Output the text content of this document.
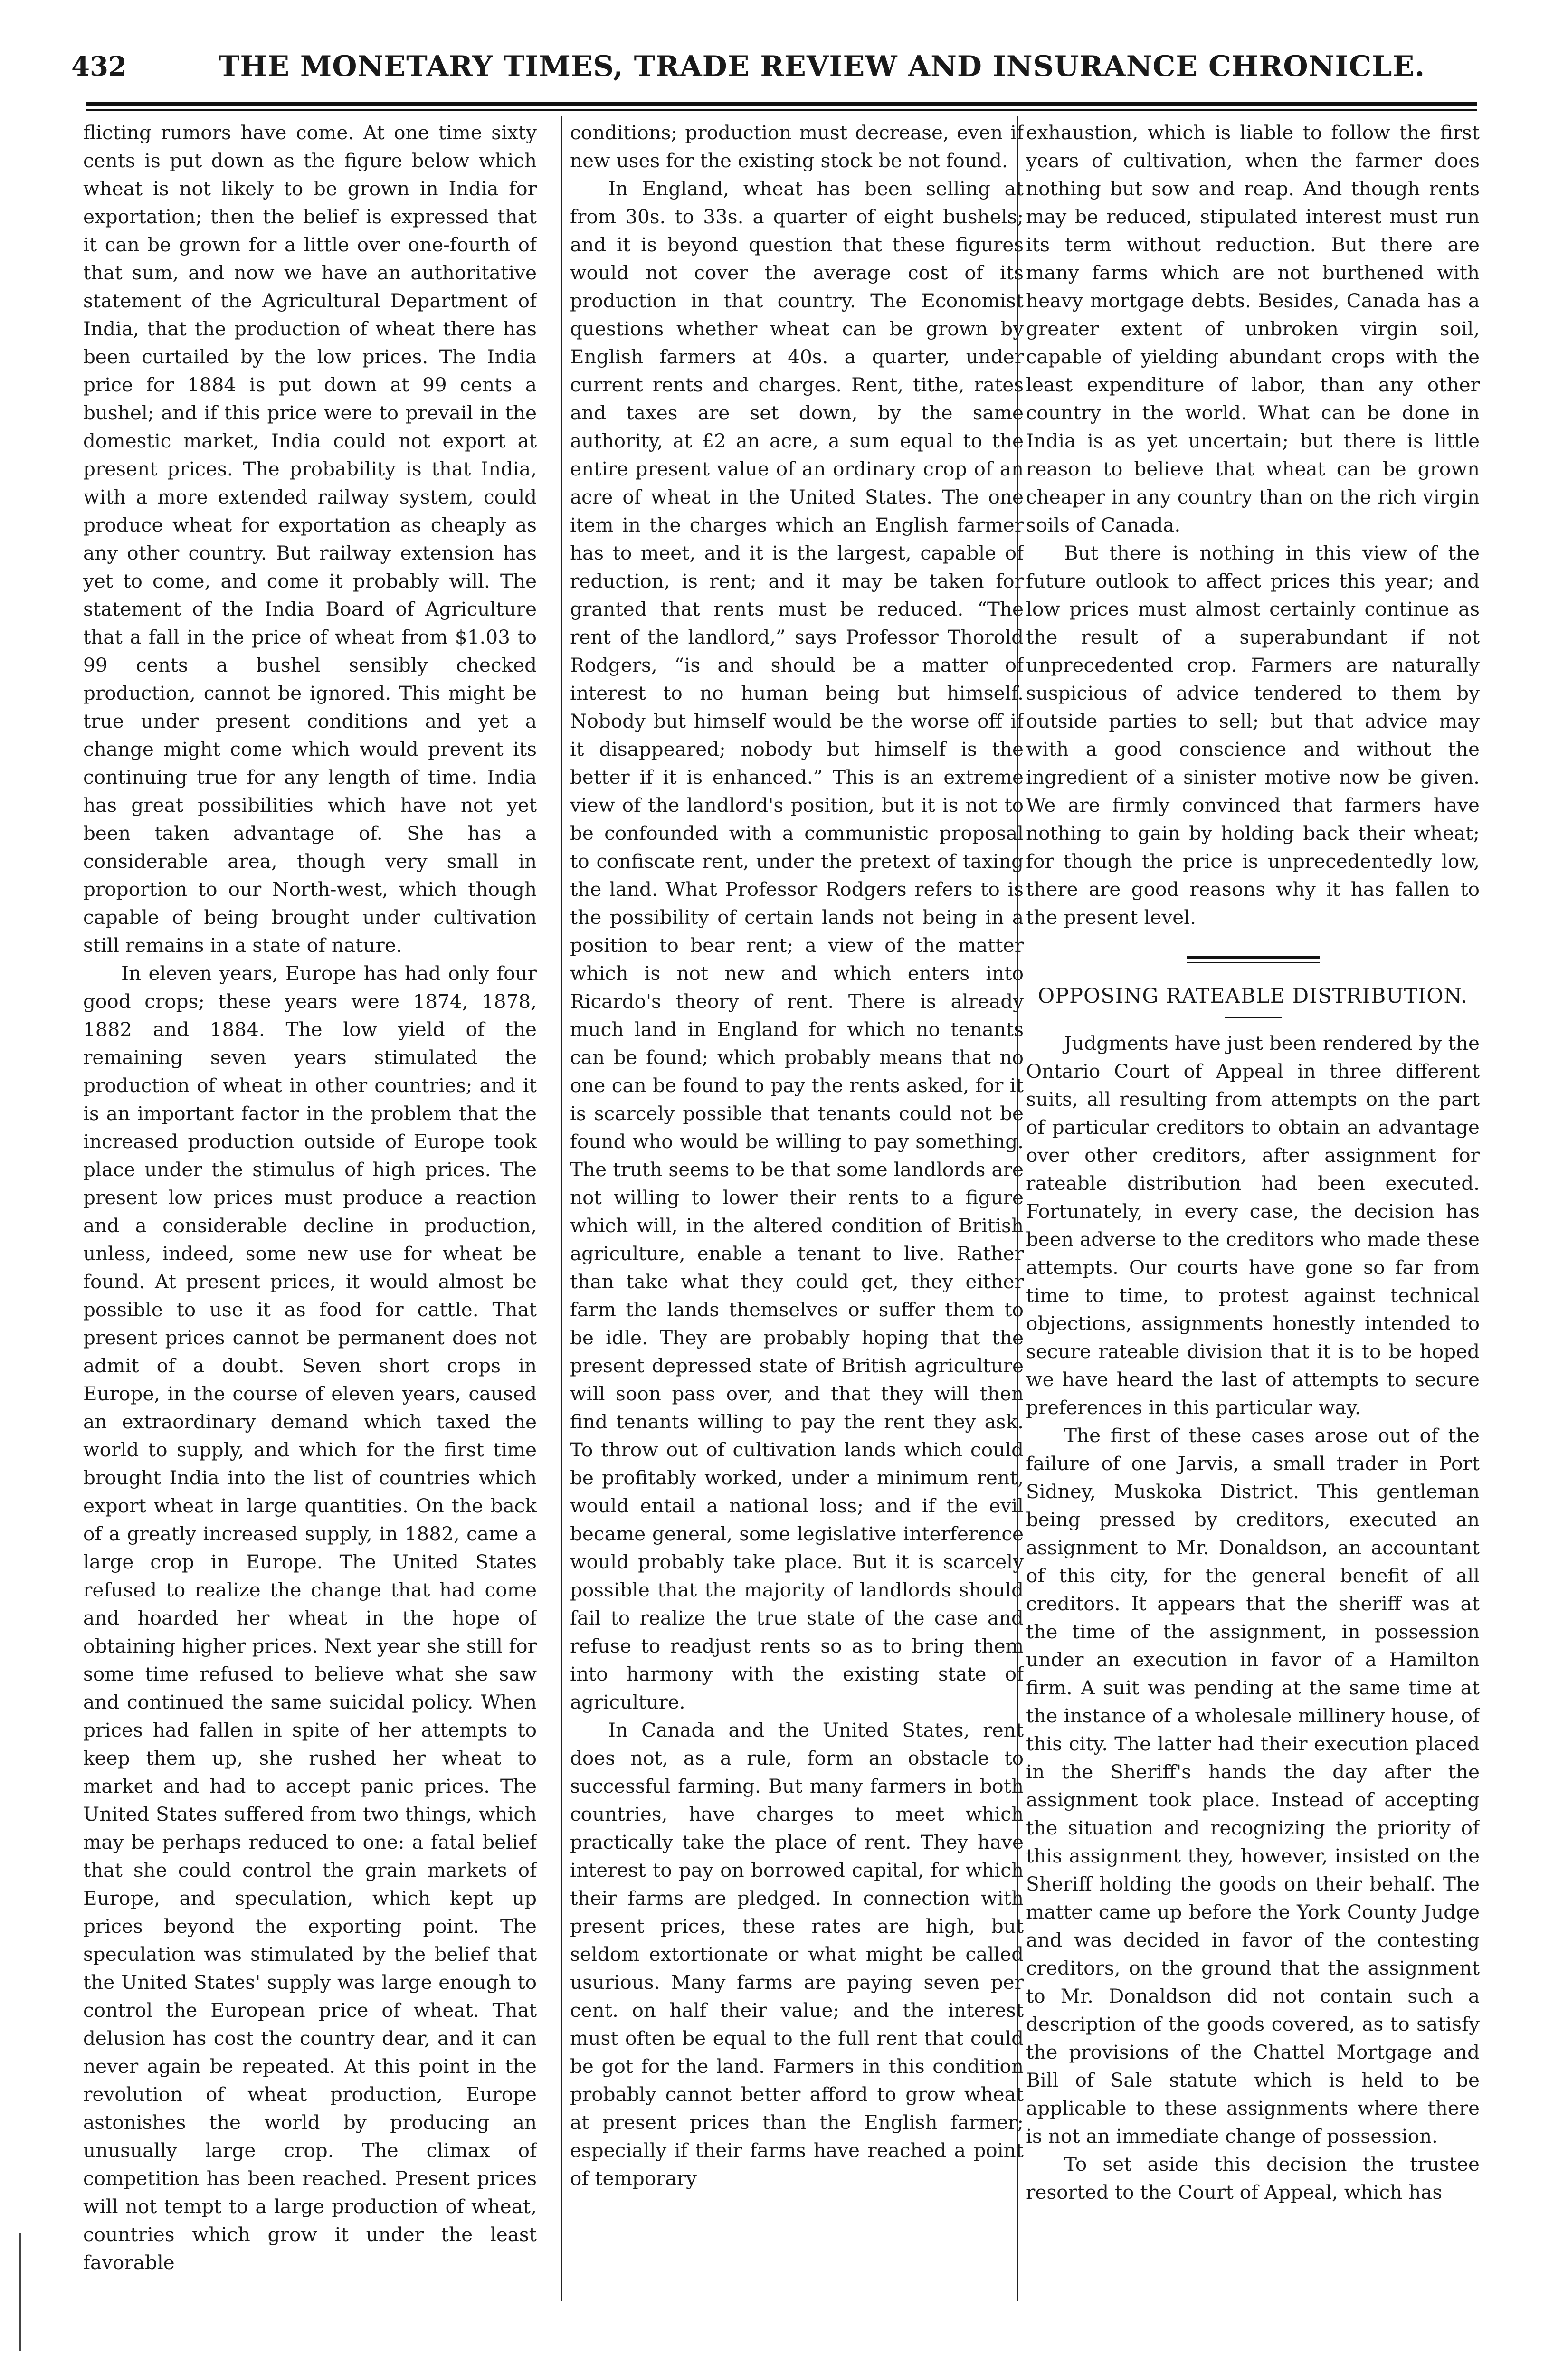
432	THE MONETARY TIMES, TRADE REVIEW AND INSURANCE CHRONICLE.

flicting rumors have come. At one time sixty cents is put down as the figure below which wheat is not likely to be grown in India for exportation; then the belief is expressed that it can be grown for a little over one-fourth of that sum, and now we have an authoritative statement of the Agricultural Department of India, that the production of wheat there has been curtailed by the low prices. The India price for 1884 is put down at 99 cents a bushel; and if this price were to prevail in the domestic market, India could not export at present prices. The probability is that India, with a more extended railway system, could produce wheat for exportation as cheaply as any other country. But railway extension has yet to come, and come it probably will. The statement of the India Board of Agriculture that a fall in the price of wheat from $1.03 to 99 cents a bushel sensibly checked production, cannot be ignored. This might be true under present conditions and yet a change might come which would prevent its continuing true for any length of time. India has great possibilities which have not yet been taken advantage of. She has a considerable area, though very small in proportion to our North-west, which though capable of being brought under cultivation still remains in a state of nature.

In eleven years, Europe has had only four good crops; these years were 1874, 1878, 1882 and 1884. The low yield of the remaining seven years stimulated the production of wheat in other countries; and it is an important factor in the problem that the increased production outside of Europe took place under the stimulus of high prices. The present low prices must produce a reaction and a considerable decline in production, unless, indeed, some new use for wheat be found. At present prices, it would almost be possible to use it as food for cattle. That present prices cannot be permanent does not admit of a doubt. Seven short crops in Europe, in the course of eleven years, caused an extraordinary demand which taxed the world to supply, and which for the first time brought India into the list of countries which export wheat in large quantities. On the back of a greatly increased supply, in 1882, came a large crop in Europe. The United States refused to realize the change that had come and hoarded her wheat in the hope of obtaining higher prices. Next year she still for some time refused to believe what she saw and continued the same suicidal policy. When prices had fallen in spite of her attempts to keep them up, she rushed her wheat to market and had to accept panic prices. The United States suffered from two things, which may be perhaps reduced to one: a fatal belief that she could control the grain markets of Europe, and speculation, which kept up prices beyond the exporting point. The speculation was stimulated by the belief that the United States' supply was large enough to control the European price of wheat. That delusion has cost the country dear, and it can never again be repeated. At this point in the revolution of wheat production, Europe astonishes the world by producing an unusually large crop. The climax of competition has been reached. Present prices will not tempt to a large production of wheat, countries which grow it under the least favorable

conditions; production must decrease, even if new uses for the existing stock be not found.

In England, wheat has been selling at from 30s. to 33s. a quarter of eight bushels; and it is beyond question that these figures would not cover the average cost of its production in that country. The Economist questions whether wheat can be grown by English farmers at 40s. a quarter, under current rents and charges. Rent, tithe, rates and taxes are set down, by the same authority, at £2 an acre, a sum equal to the entire present value of an ordinary crop of an acre of wheat in the United States. The one item in the charges which an English farmer has to meet, and it is the largest, capable of reduction, is rent; and it may be taken for granted that rents must be reduced. “The rent of the landlord,” says Professor Thorold Rodgers, “is and should be a matter of interest to no human being but himself. Nobody but himself would be the worse off if it disappeared; nobody but himself is the better if it is enhanced.” This is an extreme view of the landlord's position, but it is not to be confounded with a communistic proposal to confiscate rent, under the pretext of taxing the land. What Professor Rodgers refers to is the possibility of certain lands not being in a position to bear rent; a view of the matter which is not new and which enters into Ricardo's theory of rent. There is already much land in England for which no tenants can be found; which probably means that no one can be found to pay the rents asked, for it is scarcely possible that tenants could not be found who would be willing to pay something. The truth seems to be that some landlords are not willing to lower their rents to a figure which will, in the altered condition of British agriculture, enable a tenant to live. Rather than take what they could get, they either farm the lands themselves or suffer them to be idle. They are probably hoping that the present depressed state of British agriculture will soon pass over, and that they will then find tenants willing to pay the rent they ask. To throw out of cultivation lands which could be profitably worked, under a minimum rent, would entail a national loss; and if the evil became general, some legislative interference would probably take place. But it is scarcely possible that the majority of landlords should fail to realize the true state of the case and refuse to readjust rents so as to bring them into harmony with the existing state of agriculture.

In Canada and the United States, rent does not, as a rule, form an obstacle to successful farming. But many farmers in both countries, have charges to meet which practically take the place of rent. They have interest to pay on borrowed capital, for which their farms are pledged. In connection with present prices, these rates are high, but seldom extortionate or what might be called usurious. Many farms are paying seven per cent. on half their value; and the interest must often be equal to the full rent that could be got for the land. Farmers in this condition probably cannot better afford to grow wheat at present prices than the English farmer; especially if their farms have reached a point of temporary

exhaustion, which is liable to follow the first years of cultivation, when the farmer does nothing but sow and reap. And though rents may be reduced, stipulated interest must run its term without reduction. But there are many farms which are not burthened with heavy mortgage debts. Besides, Canada has a greater extent of unbroken virgin soil, capable of yielding abundant crops with the least expenditure of labor, than any other country in the world. What can be done in India is as yet uncertain; but there is little reason to believe that wheat can be grown cheaper in any country than on the rich virgin soils of Canada.

But there is nothing in this view of the future outlook to affect prices this year; and low prices must almost certainly continue as the result of a superabundant if not unprecedented crop. Farmers are naturally suspicious of advice tendered to them by outside parties to sell; but that advice may with a good conscience and without the ingredient of a sinister motive now be given. We are firmly convinced that farmers have nothing to gain by holding back their wheat; for though the price is unprecedentedly low, there are good reasons why it has fallen to the present level.

OPPOSING RATEABLE DISTRIBUTION.

Judgments have just been rendered by the Ontario Court of Appeal in three different suits, all resulting from attempts on the part of particular creditors to obtain an advantage over other creditors, after assignment for rateable distribution had been executed. Fortunately, in every case, the decision has been adverse to the creditors who made these attempts. Our courts have gone so far from time to time, to protest against technical objections, assignments honestly intended to secure rateable division that it is to be hoped we have heard the last of attempts to secure preferences in this particular way.

The first of these cases arose out of the failure of one Jarvis, a small trader in Port Sidney, Muskoka District. This gentleman being pressed by creditors, executed an assignment to Mr. Donaldson, an accountant of this city, for the general benefit of all creditors. It appears that the sheriff was at the time of the assignment, in possession under an execution in favor of a Hamilton firm. A suit was pending at the same time at the instance of a wholesale millinery house, of this city. The latter had their execution placed in the Sheriff's hands the day after the assignment took place. Instead of accepting the situation and recognizing the priority of this assignment they, however, insisted on the Sheriff holding the goods on their behalf. The matter came up before the York County Judge and was decided in favor of the contesting creditors, on the ground that the assignment to Mr. Donaldson did not contain such a description of the goods covered, as to satisfy the provisions of the Chattel Mortgage and Bill of Sale statute which is held to be applicable to these assignments where there is not an immediate change of possession.

To set aside this decision the trustee resorted to the Court of Appeal, which has
